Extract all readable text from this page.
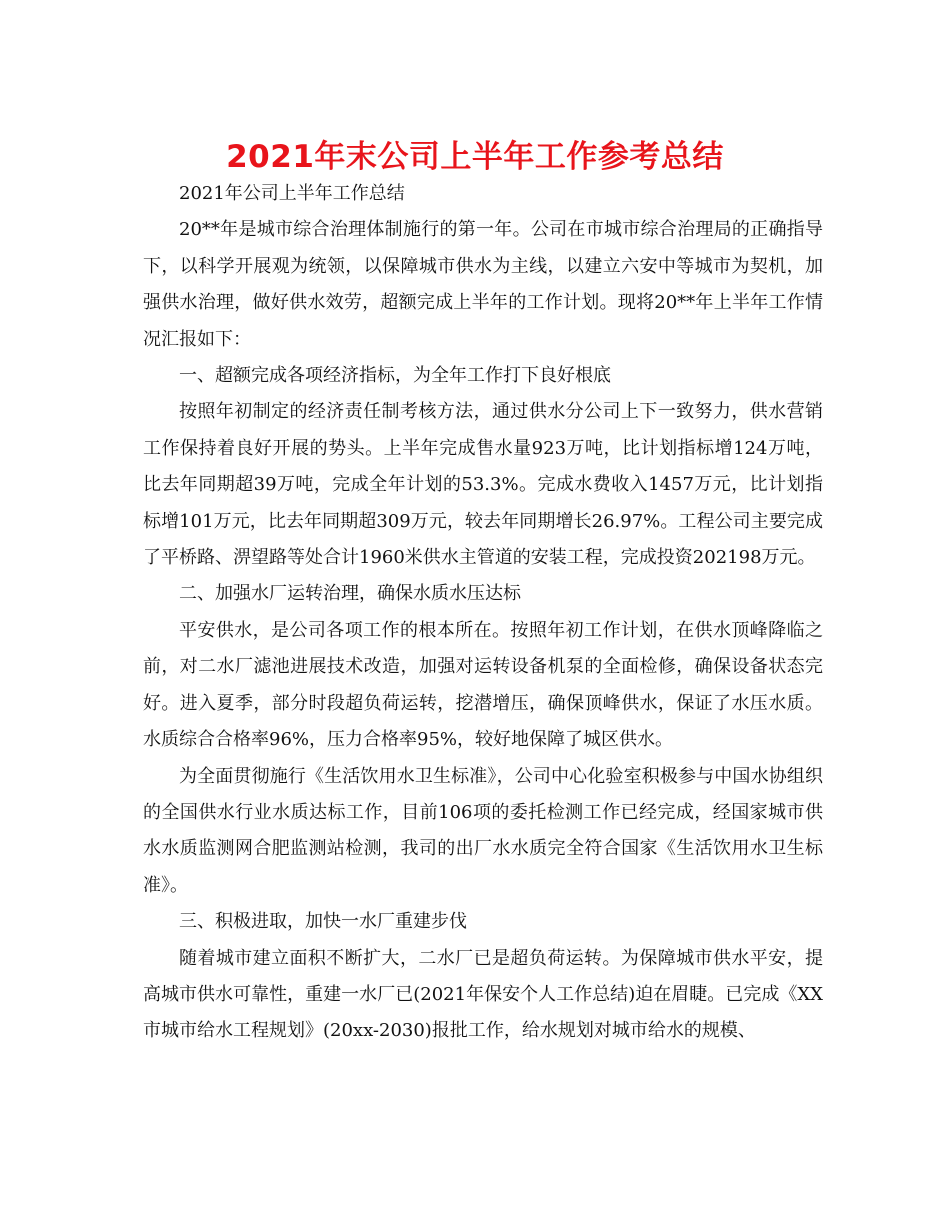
2021年末公司上半年工作参考总结

2021年公司上半年工作总结

20**年是城市综合治理体制施行的第一年。公司在市城市综合治理局的正确指导下，以科学开展观为统领，以保障城市供水为主线，以建立六安中等城市为契机，加强供水治理，做好供水效劳，超额完成上半年的工作计划。现将20**年上半年工作情况汇报如下：

一、超额完成各项经济指标，为全年工作打下良好根底

按照年初制定的经济责任制考核方法，通过供水分公司上下一致努力，供水营销工作保持着良好开展的势头。上半年完成售水量923万吨，比计划指标增124万吨，比去年同期超39万吨，完成全年计划的53.3%。完成水费收入1457万元，比计划指标增101万元，比去年同期超309万元，较去年同期增长26.97%。工程公司主要完成了平桥路、淠望路等处合计1960米供水主管道的安装工程，完成投资202198万元。

二、加强水厂运转治理，确保水质水压达标

平安供水，是公司各项工作的根本所在。按照年初工作计划，在供水顶峰降临之前，对二水厂滤池进展技术改造，加强对运转设备机泵的全面检修，确保设备状态完好。进入夏季，部分时段超负荷运转，挖潜增压，确保顶峰供水，保证了水压水质。水质综合合格率96%，压力合格率95%，较好地保障了城区供水。

为全面贯彻施行《生活饮用水卫生标准》，公司中心化验室积极参与中国水协组织的全国供水行业水质达标工作，目前106项的委托检测工作已经完成，经国家城市供水水质监测网合肥监测站检测，我司的出厂水水质完全符合国家《生活饮用水卫生标准》。

三、积极进取，加快一水厂重建步伐

随着城市建立面积不断扩大，二水厂已是超负荷运转。为保障城市供水平安，提高城市供水可靠性，重建一水厂已(2021年保安个人工作总结)迫在眉睫。已完成《XX市城市给水工程规划》(20xx-2030)报批工作，给水规划对城市给水的规模、
